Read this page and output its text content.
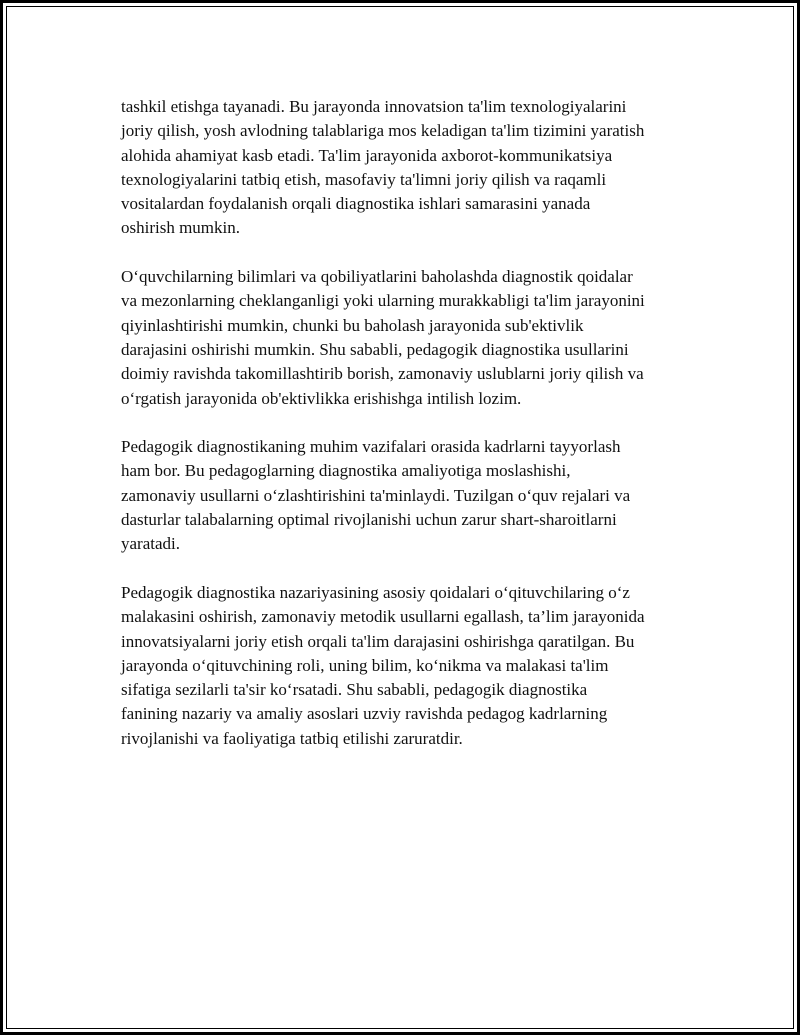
tashkil etishga tayanadi. Bu jarayonda innovatsion ta'lim texnologiyalarini
joriy qilish, yosh avlodning talablariga mos keladigan ta'lim tizimini yaratish
alohida ahamiyat kasb etadi. Ta'lim jarayonida axborot-kommunikatsiya
texnologiyalarini tatbiq etish, masofaviy ta'limni joriy qilish va raqamli
vositalardan foydalanish orqali diagnostika ishlari samarasini yanada
oshirish mumkin.

O‘quvchilarning bilimlari va qobiliyatlarini baholashda diagnostik qoidalar
va mezonlarning cheklanganligi yoki ularning murakkabligi ta'lim jarayonini
qiyinlashtirishi mumkin, chunki bu baholash jarayonida sub'ektivlik
darajasini oshirishi mumkin. Shu sababli, pedagogik diagnostika usullarini
doimiy ravishda takomillashtirib borish, zamonaviy uslublarni joriy qilish va
o‘rgatish jarayonida ob'ektivlikka erishishga intilish lozim.

Pedagogik diagnostikaning muhim vazifalari orasida kadrlarni tayyorlash
ham bor. Bu pedagoglarning diagnostika amaliyotiga moslashishi,
zamonaviy usullarni o‘zlashtirishini ta'minlaydi. Tuzilgan o‘quv rejalari va
dasturlar talabalarning optimal rivojlanishi uchun zarur shart-sharoitlarni
yaratadi.

Pedagogik diagnostika nazariyasining asosiy qoidalari o‘qituvchilaring o‘z
malakasini oshirish, zamonaviy metodik usullarni egallash, ta’lim jarayonida
innovatsiyalarni joriy etish orqali ta'lim darajasini oshirishga qaratilgan. Bu
jarayonda o‘qituvchining roli, uning bilim, ko‘nikma va malakasi ta'lim
sifatiga sezilarli ta'sir ko‘rsatadi. Shu sababli, pedagogik diagnostika
fanining nazariy va amaliy asoslari uzviy ravishda pedagog kadrlarning
rivojlanishi va faoliyatiga tatbiq etilishi zaruratdir.
